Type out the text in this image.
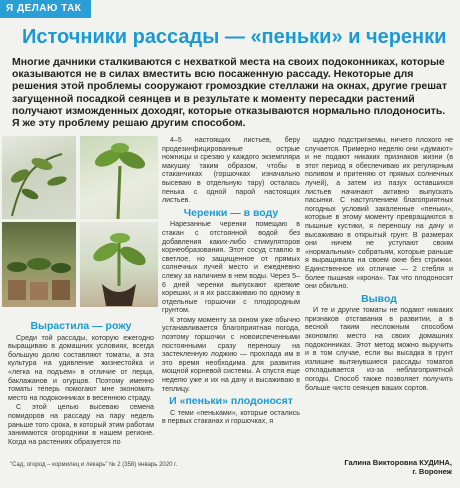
Я ДЕЛАЮ ТАК
Источники рассады — «пеньки» и черенки

Многие дачники сталкиваются с нехваткой места на своих подоконниках, которые оказываются не в силах вместить всю посаженную рассаду. Некоторые для решения этой проблемы сооружают громоздкие стеллажи на окнах, другие грешат загущенной посадкой сеянцев и в результате к моменту пересадки растений получают изможденных доходяг, которые отказываются нормально плодоносить. Я же эту проблему решаю другим способом.

Вырастила — рожу

Среди той рассады, которую ежегодно выращиваю в домашних условиях, всегда большую долю составляют томаты, а эта культура на удивление жизнестойка и «легка на подъем» в отличие от перца, баклажанов и огурцов. Поэтому именно томаты теперь помогают мне экономить место на подоконниках в весеннюю страду.

С этой целью высеваю семена помидоров на рассаду на пару недель раньше того срока, в который этим работам занимаются огородники в нашем регионе. Когда на растениях образуется по

4–5 настоящих листьев, беру продезинфицированные острые ножницы и срезаю у каждого экземпляра макушку таким образом, чтобы в стаканчиках (горшочках изначально высеваю в отдельную тару) осталась пенька с одной парой настоящих листьев.

Черенки — в воду

Нарезанные черенки помещаю в стакан с отстоянной водой без добавления каких-либо стимуляторов корнеобразования. Этот сосуд ставлю в светлое, но защищенное от прямых солнечных лучей место и ежедневно слежу за наличием в нем воды. Через 5–6 дней черенки выпускают крепкие корешки, и я их рассаживаю по одному в отдельные горшочки с плодородным грунтом.

К этому моменту за окном уже обычно устанавливается благоприятная погода, поэтому горшочки с новоиспеченными постоянными сразу переношу на застекленную лоджию — прохлада им в это время необходима для развития мощной корневой системы. А спустя еще неделю уже и их на дачу и высаживаю в теплицу.

И «пеньки» плодоносят

С теми «пеньками», которые остались в первых стаканах и горшочках, я

щадно подстригаемы, ничего плохого не случается. Примерно неделю они «думают» и не подают никаких признаков жизни (в этот период я обеспечиваю их регулярным поливом и притеняю от прямых солнечных лучей), а затем из пазух оставшихся листьев начинают активно выпускать пасынки. С наступлением благоприятных погодных условий закаленные «пеньки», которые в этому моменту превращаются в пышные кустики, я переношу на дачу и высаживаю в открытый грунт. В размерах они ничем не уступают своим «нормальным» собратьям, которые раньше я выращивала на своем окне без стрижки. Единственное их отличие — 2 стебля и более пышная «крона». Так что плодоносят они обильно.

Вывод

И те и другие томаты не подают никаких признаков отставания в развитии, а в весной таким несложным способом экономлю место на своих домашних подоконниках. Этот метод можно выручить и в том случае, если вы высадка в грунт излишне вытянувшиеся рассады томатов откладывается из-за неблагоприятной погоды. Способ также позволяет получить больше чисто сеянцев ваших сортов.

Галина Викторовна КУДИНА,
г. Воронеж
"Сад, огород – кормилец и лекарь" № 2 (358) январь 2020 г.
